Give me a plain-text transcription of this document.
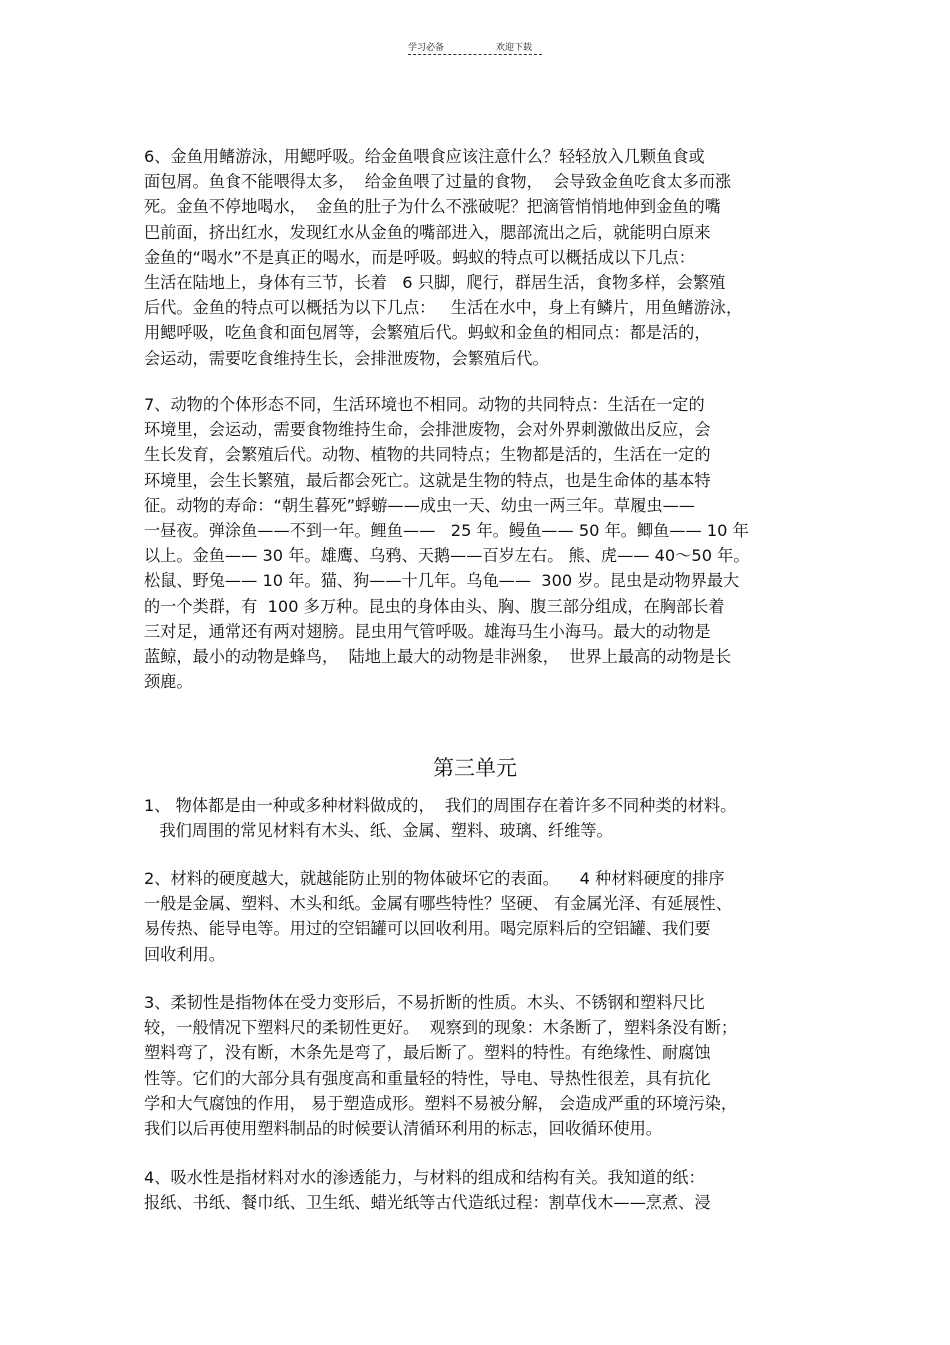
学习必备	欢迎下载
6、金鱼用鳍游泳，用鳃呼吸。给金鱼喂食应该注意什么？轻轻放入几颗鱼食或
面包屑。鱼食不能喂得太多，  给金鱼喂了过量的食物，  会导致金鱼吃食太多而涨
死。金鱼不停地喝水，  金鱼的肚子为什么不涨破呢？把滴管悄悄地伸到金鱼的嘴
巴前面，挤出红水，发现红水从金鱼的嘴部进入，腮部流出之后，就能明白原来
金鱼的“喝水”不是真正的喝水，而是呼吸。蚂蚁的特点可以概括成以下几点：
生活在陆地上，身体有三节，长着   6 只脚，爬行，群居生活，食物多样，会繁殖
后代。金鱼的特点可以概括为以下几点：   生活在水中，身上有鳞片，用鱼鳍游泳，
用鳃呼吸，吃鱼食和面包屑等，会繁殖后代。蚂蚁和金鱼的相同点：都是活的，
会运动，需要吃食维持生长，会排泄废物，会繁殖后代。
7、动物的个体形态不同，生活环境也不相同。动物的共同特点：生活在一定的
环境里，会运动，需要食物维持生命，会排泄废物，会对外界刺激做出反应，会
生长发育，会繁殖后代。动物、植物的共同特点；生物都是活的，生活在一定的
环境里，会生长繁殖，最后都会死亡。这就是生物的特点，也是生命体的基本特
征。动物的寿命：“朝生暮死”蜉蝣——成虫一天、幼虫一两三年。草履虫——
一昼夜。弹涂鱼——不到一年。鲤鱼——   25 年。鳗鱼—— 50 年。鲫鱼—— 10 年
以上。金鱼—— 30 年。雄鹰、乌鸦、天鹅——百岁左右。 熊、虎—— 40～50 年。
松鼠、野兔—— 10 年。猫、狗——十几年。乌龟——  300 岁。昆虫是动物界最大
的一个类群，有  100 多万种。昆虫的身体由头、胸、腹三部分组成，在胸部长着
三对足，通常还有两对翅膀。昆虫用气管呼吸。雄海马生小海马。最大的动物是
蓝鲸，最小的动物是蜂鸟，  陆地上最大的动物是非洲象，  世界上最高的动物是长
颈鹿。
第三单元
1、 物体都是由一种或多种材料做成的，  我们的周围存在着许多不同种类的材料。
我们周围的常见材料有木头、纸、金属、塑料、玻璃、纤维等。
2、材料的硬度越大，就越能防止别的物体破坏它的表面。    4 种材料硬度的排序
一般是金属、塑料、木头和纸。金属有哪些特性？坚硬、 有金属光泽、有延展性、
易传热、能导电等。用过的空铝罐可以回收利用。喝完原料后的空铝罐、我们要
回收利用。
3、柔韧性是指物体在受力变形后，不易折断的性质。木头、不锈钢和塑料尺比
较，一般情况下塑料尺的柔韧性更好。  观察到的现象：木条断了，塑料条没有断；
塑料弯了，没有断，木条先是弯了，最后断了。塑料的特性。有绝缘性、耐腐蚀
性等。它们的大部分具有强度高和重量轻的特性，导电、导热性很差，具有抗化
学和大气腐蚀的作用， 易于塑造成形。塑料不易被分解， 会造成严重的环境污染，
我们以后再使用塑料制品的时候要认清循环利用的标志，回收循环使用。
4、吸水性是指材料对水的渗透能力，与材料的组成和结构有关。我知道的纸：
报纸、书纸、餐巾纸、卫生纸、蜡光纸等古代造纸过程：割草伐木——烹煮、浸
